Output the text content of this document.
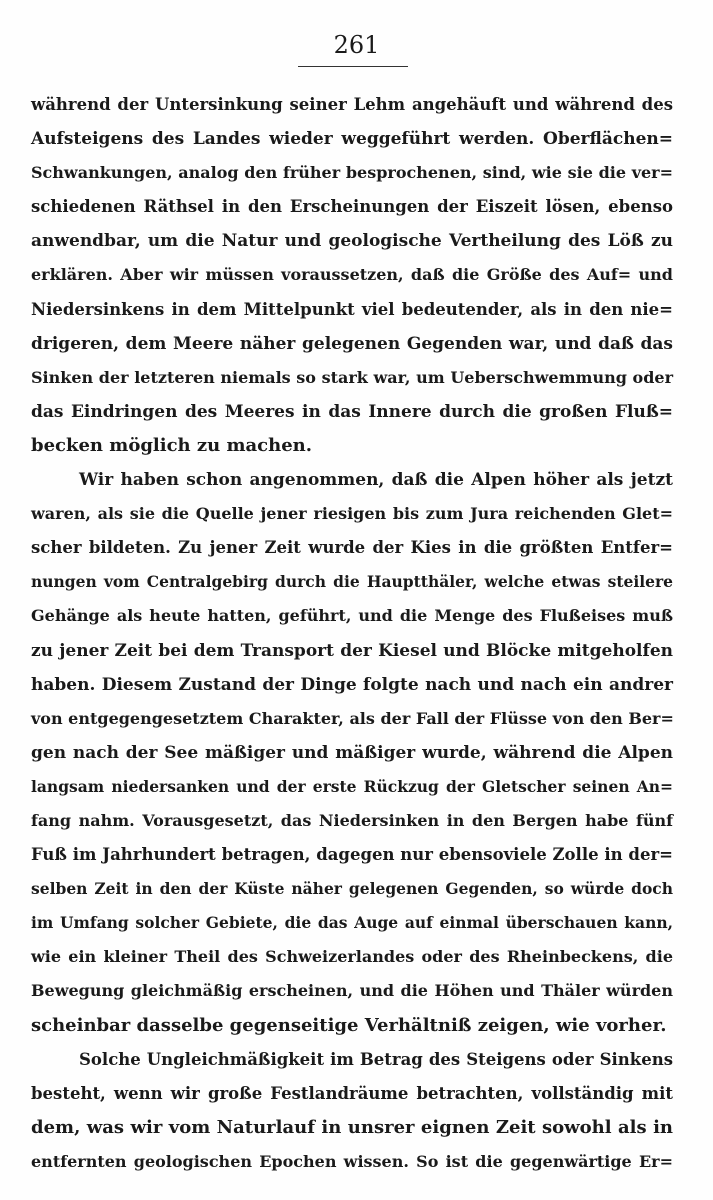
261
während der Untersinkung seiner Lehm angehäuft und während des
Aufsteigens des Landes wieder weggeführt werden. Oberflächen=
Schwankungen, analog den früher besprochenen, sind, wie sie die ver=
schiedenen Räthsel in den Erscheinungen der Eiszeit lösen, ebenso
anwendbar, um die Natur und geologische Vertheilung des Löß zu
erklären. Aber wir müssen voraussetzen, daß die Größe des Auf= und
Niedersinkens in dem Mittelpunkt viel bedeutender, als in den nie=
drigeren, dem Meere näher gelegenen Gegenden war, und daß das
Sinken der letzteren niemals so stark war, um Ueberschwemmung oder
das Eindringen des Meeres in das Innere durch die großen Fluß=
becken möglich zu machen.
Wir haben schon angenommen, daß die Alpen höher als jetzt
waren, als sie die Quelle jener riesigen bis zum Jura reichenden Glet=
scher bildeten. Zu jener Zeit wurde der Kies in die größten Entfer=
nungen vom Centralgebirg durch die Hauptthäler, welche etwas steilere
Gehänge als heute hatten, geführt, und die Menge des Flußeises muß
zu jener Zeit bei dem Transport der Kiesel und Blöcke mitgeholfen
haben. Diesem Zustand der Dinge folgte nach und nach ein andrer
von entgegengesetztem Charakter, als der Fall der Flüsse von den Ber=
gen nach der See mäßiger und mäßiger wurde, während die Alpen
langsam niedersanken und der erste Rückzug der Gletscher seinen An=
fang nahm. Vorausgesetzt, das Niedersinken in den Bergen habe fünf
Fuß im Jahrhundert betragen, dagegen nur ebensoviele Zolle in der=
selben Zeit in den der Küste näher gelegenen Gegenden, so würde doch
im Umfang solcher Gebiete, die das Auge auf einmal überschauen kann,
wie ein kleiner Theil des Schweizerlandes oder des Rheinbeckens, die
Bewegung gleichmäßig erscheinen, und die Höhen und Thäler würden
scheinbar dasselbe gegenseitige Verhältniß zeigen, wie vorher.
Solche Ungleichmäßigkeit im Betrag des Steigens oder Sinkens
besteht, wenn wir große Festlandräume betrachten, vollständig mit
dem, was wir vom Naturlauf in unsrer eignen Zeit sowohl als in
entfernten geologischen Epochen wissen. So ist die gegenwärtige Er=
